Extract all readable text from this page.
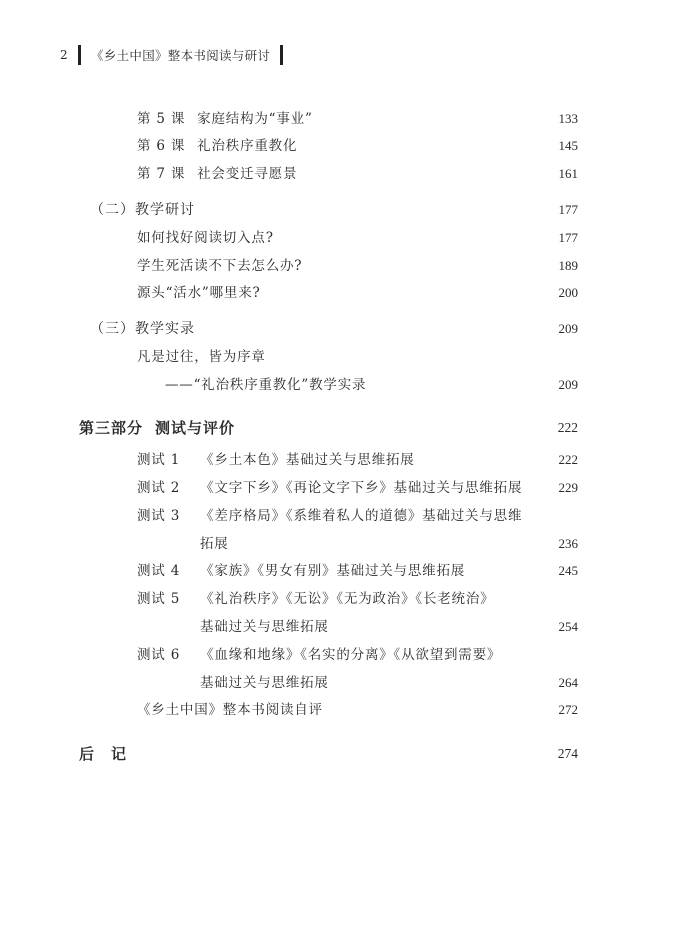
2	《乡土中国》整本书阅读与研讨
第 5 课 家庭结构为“事业”	133
第 6 课 礼治秩序重教化	145
第 7 课 社会变迁寻愿景	161
（二）教学研讨	177
如何找好阅读切入点?	177
学生死活读不下去怎么办?	189
源头“活水”哪里来?	200
（三）教学实录	209
凡是过往，皆为序章
——“礼治秩序重教化”教学实录	209
第三部分 测试与评价	222
测试 1 《乡土本色》基础过关与思维拓展	222
测试 2 《文字下乡》《再论文字下乡》基础过关与思维拓展	229
测试 3 《差序格局》《系维着私人的道德》基础过关与思维
拓展	236
测试 4 《家族》《男女有别》基础过关与思维拓展	245
测试 5 《礼治秩序》《无讼》《无为政治》《长老统治》
基础过关与思维拓展	254
测试 6 《血缘和地缘》《名实的分离》《从欲望到需要》
基础过关与思维拓展	264
《乡土中国》整本书阅读自评	272
后　记	274
